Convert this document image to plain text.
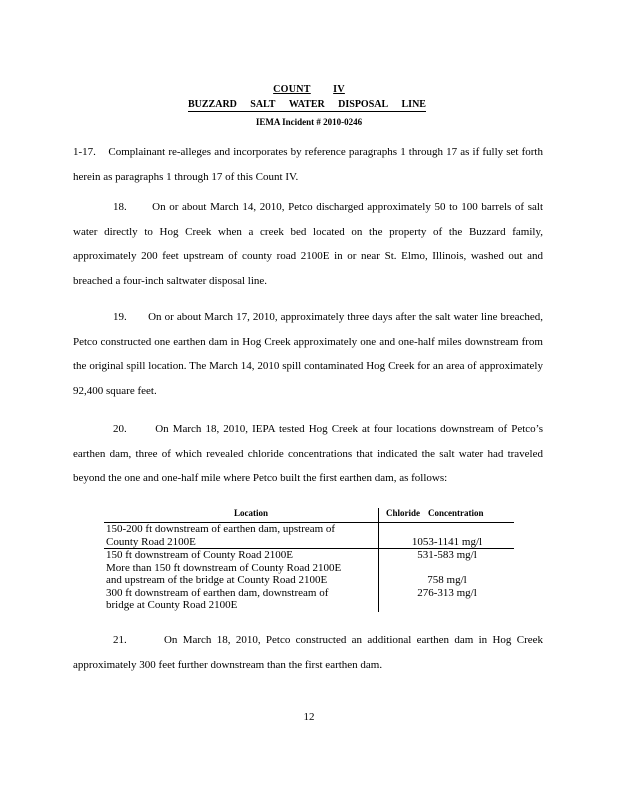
COUNT IV
BUZZARD SALT WATER DISPOSAL LINE
IEMA Incident # 2010-0246
1-17. Complainant re-alleges and incorporates by reference paragraphs 1 through 17 as if fully set forth herein as paragraphs 1 through 17 of this Count IV.
18. On or about March 14, 2010, Petco discharged approximately 50 to 100 barrels of salt water directly to Hog Creek when a creek bed located on the property of the Buzzard family, approximately 200 feet upstream of county road 2100E in or near St. Elmo, Illinois, washed out and breached a four-inch saltwater disposal line.
19. On or about March 17, 2010, approximately three days after the salt water line breached, Petco constructed one earthen dam in Hog Creek approximately one and one-half miles downstream from the original spill location. The March 14, 2010 spill contaminated Hog Creek for an area of approximately 92,400 square feet.
20.	On March 18, 2010, IEPA tested Hog Creek at four locations downstream of Petco’s earthen dam, three of which revealed chloride concentrations that indicated the salt water had traveled beyond the one and one-half mile where Petco built the first earthen dam, as follows:
Location	Chloride Concentration
150-200 ft downstream of earthen dam, upstream of
County Road 2100E	1053-1141 mg/l
150 ft downstream of County Road 2100E	531-583 mg/l
More than 150 ft downstream of County Road 2100E
and upstream of the bridge at County Road 2100E	758 mg/l
300 ft downstream of earthen dam, downstream of
bridge at County Road 2100E
276-313 mg/l
21.	On March 18, 2010, Petco constructed an additional earthen dam in Hog Creek approximately 300 feet further downstream than the first earthen dam.
12
